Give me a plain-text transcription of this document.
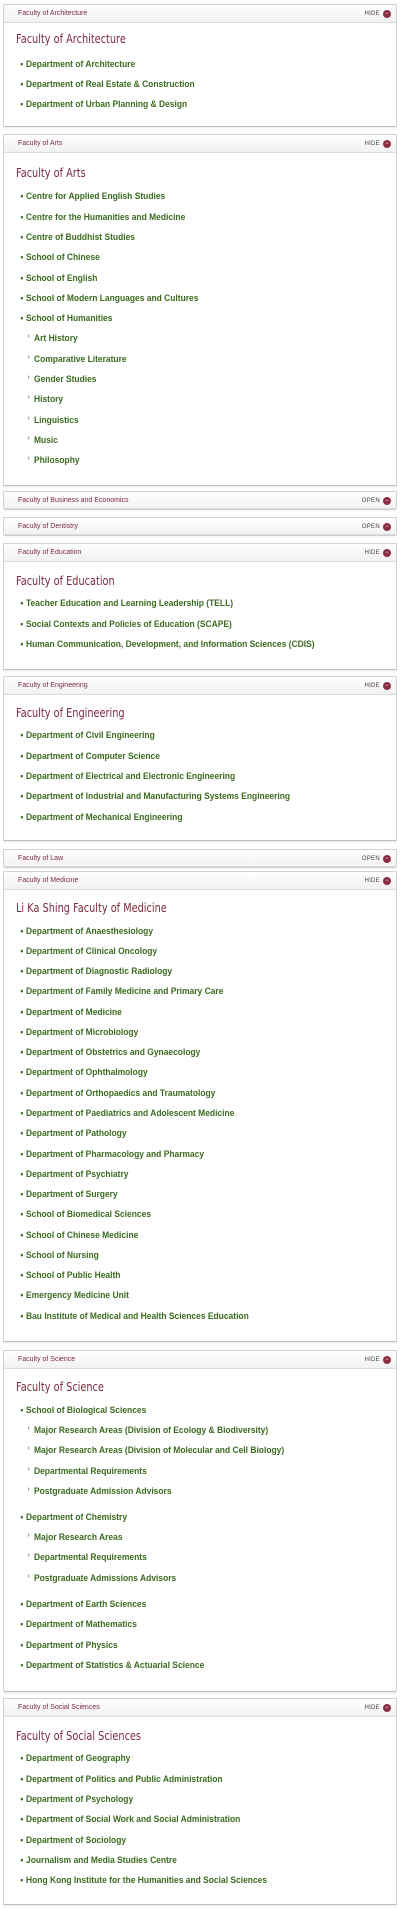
Faculty of Architecture	HIDE −
Faculty of Architecture
• Department of Architecture
• Department of Real Estate & Construction
• Department of Urban Planning & Design
Faculty of Arts	HIDE −
Faculty of Arts
• Centre for Applied English Studies
• Centre for the Humanities and Medicine
• Centre of Buddhist Studies
• School of Chinese
• School of English
• School of Modern Languages and Cultures
• School of Humanities
› Art History
› Comparative Literature
› Gender Studies
› History
› Linguistics
› Music
› Philosophy
Faculty of Business and Economics	OPEN −
Faculty of Dentistry	OPEN −
Faculty of Education	HIDE −
Faculty of Education
• Teacher Education and Learning Leadership (TELL)
• Social Contexts and Policies of Education (SCAPE)
• Human Communication, Development, and Information Sciences (CDIS)
Faculty of Engineering	HIDE −
Faculty of Engineering
• Department of Civil Engineering
• Department of Computer Science
• Department of Electrical and Electronic Engineering
• Department of Industrial and Manufacturing Systems Engineering
• Department of Mechanical Engineering
Faculty of Law	OPEN −
Faculty of Medicine	HIDE −
Li Ka Shing Faculty of Medicine
• Department of Anaesthesiology
• Department of Clinical Oncology
• Department of Diagnostic Radiology
• Department of Family Medicine and Primary Care
• Department of Medicine
• Department of Microbiology
• Department of Obstetrics and Gynaecology
• Department of Ophthalmology
• Department of Orthopaedics and Traumatology
• Department of Paediatrics and Adolescent Medicine
• Department of Pathology
• Department of Pharmacology and Pharmacy
• Department of Psychiatry
• Department of Surgery
• School of Biomedical Sciences
• School of Chinese Medicine
• School of Nursing
• School of Public Health
• Emergency Medicine Unit
• Bau Institute of Medical and Health Sciences Education
Faculty of Science	HIDE −
Faculty of Science
• School of Biological Sciences
› Major Research Areas (Division of Ecology & Biodiversity)
› Major Research Areas (Division of Molecular and Cell Biology)
› Departmental Requirements
› Postgraduate Admission Advisors
• Department of Chemistry
› Major Research Areas
› Departmental Requirements
› Postgraduate Admissions Advisors
• Department of Earth Sciences
• Department of Mathematics
• Department of Physics
• Department of Statistics & Actuarial Science
Faculty of Social Sciences	HIDE −
Faculty of Social Sciences
• Department of Geography
• Department of Politics and Public Administration
• Department of Psychology
• Department of Social Work and Social Administration
• Department of Sociology
• Journalism and Media Studies Centre
• Hong Kong Institute for the Humanities and Social Sciences
